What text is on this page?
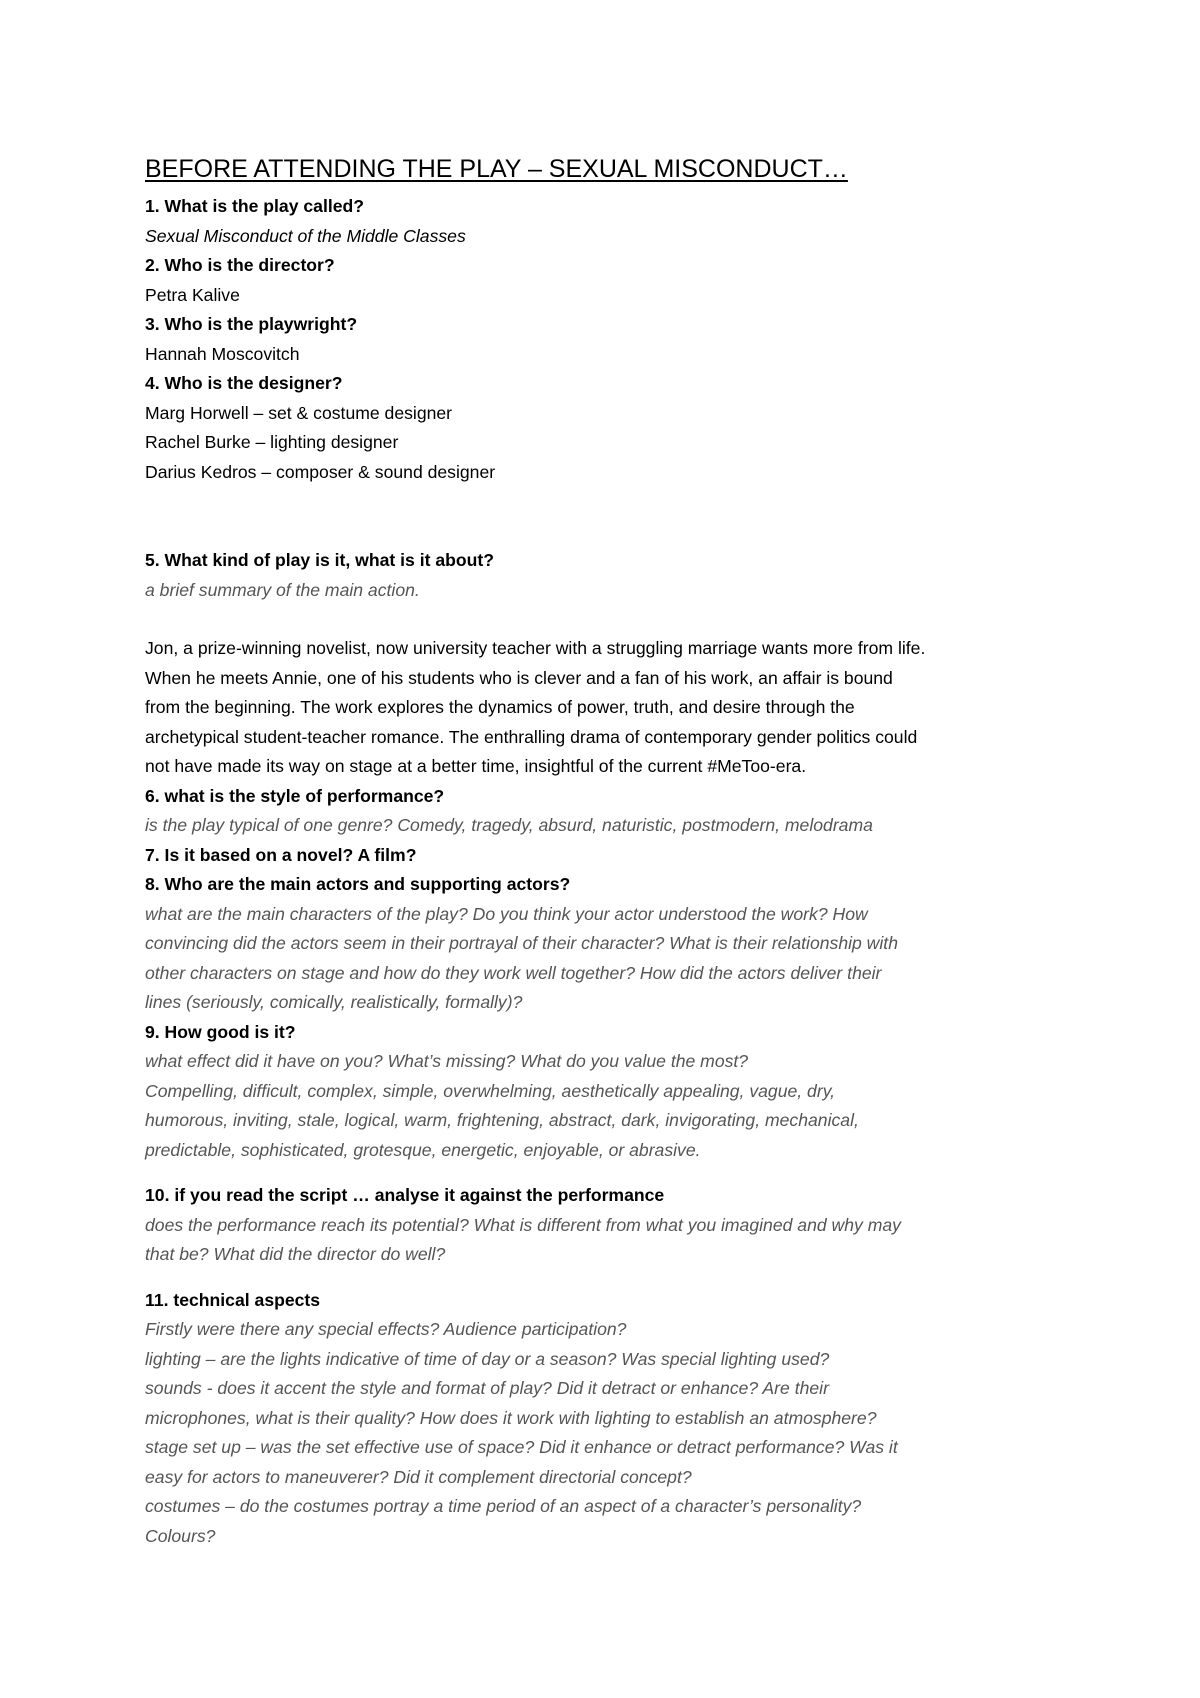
BEFORE ATTENDING THE PLAY – SEXUAL MISCONDUCT…
1. What is the play called?
Sexual Misconduct of the Middle Classes
2. Who is the director?
Petra Kalive
3. Who is the playwright?
Hannah Moscovitch
4. Who is the designer?
Marg Horwell – set & costume designer
Rachel Burke – lighting designer
Darius Kedros – composer & sound designer
5. What kind of play is it, what is it about?
a brief summary of the main action.
Jon, a prize-winning novelist, now university teacher with a struggling marriage wants more from life.
When he meets Annie, one of his students who is clever and a fan of his work, an affair is bound
from the beginning. The work explores the dynamics of power, truth, and desire through the
archetypical student-teacher romance. The enthralling drama of contemporary gender politics could
not have made its way on stage at a better time, insightful of the current #MeToo-era.
6. what is the style of performance?
is the play typical of one genre? Comedy, tragedy, absurd, naturistic, postmodern, melodrama
7. Is it based on a novel? A film?
8. Who are the main actors and supporting actors?
what are the main characters of the play? Do you think your actor understood the work? How
convincing did the actors seem in their portrayal of their character? What is their relationship with
other characters on stage and how do they work well together? How did the actors deliver their
lines (seriously, comically, realistically, formally)?
9. How good is it?
what effect did it have on you? What’s missing? What do you value the most?
Compelling, difficult, complex, simple, overwhelming, aesthetically appealing, vague, dry,
humorous, inviting, stale, logical, warm, frightening, abstract, dark, invigorating, mechanical,
predictable, sophisticated, grotesque, energetic, enjoyable, or abrasive.
10. if you read the script … analyse it against the performance
does the performance reach its potential? What is different from what you imagined and why may
that be? What did the director do well?
11. technical aspects
Firstly were there any special effects? Audience participation?
lighting – are the lights indicative of time of day or a season? Was special lighting used?
sounds - does it accent the style and format of play? Did it detract or enhance? Are their
microphones, what is their quality? How does it work with lighting to establish an atmosphere?
stage set up – was the set effective use of space? Did it enhance or detract performance? Was it
easy for actors to maneuverer? Did it complement directorial concept?
costumes – do the costumes portray a time period of an aspect of a character’s personality?
Colours?
